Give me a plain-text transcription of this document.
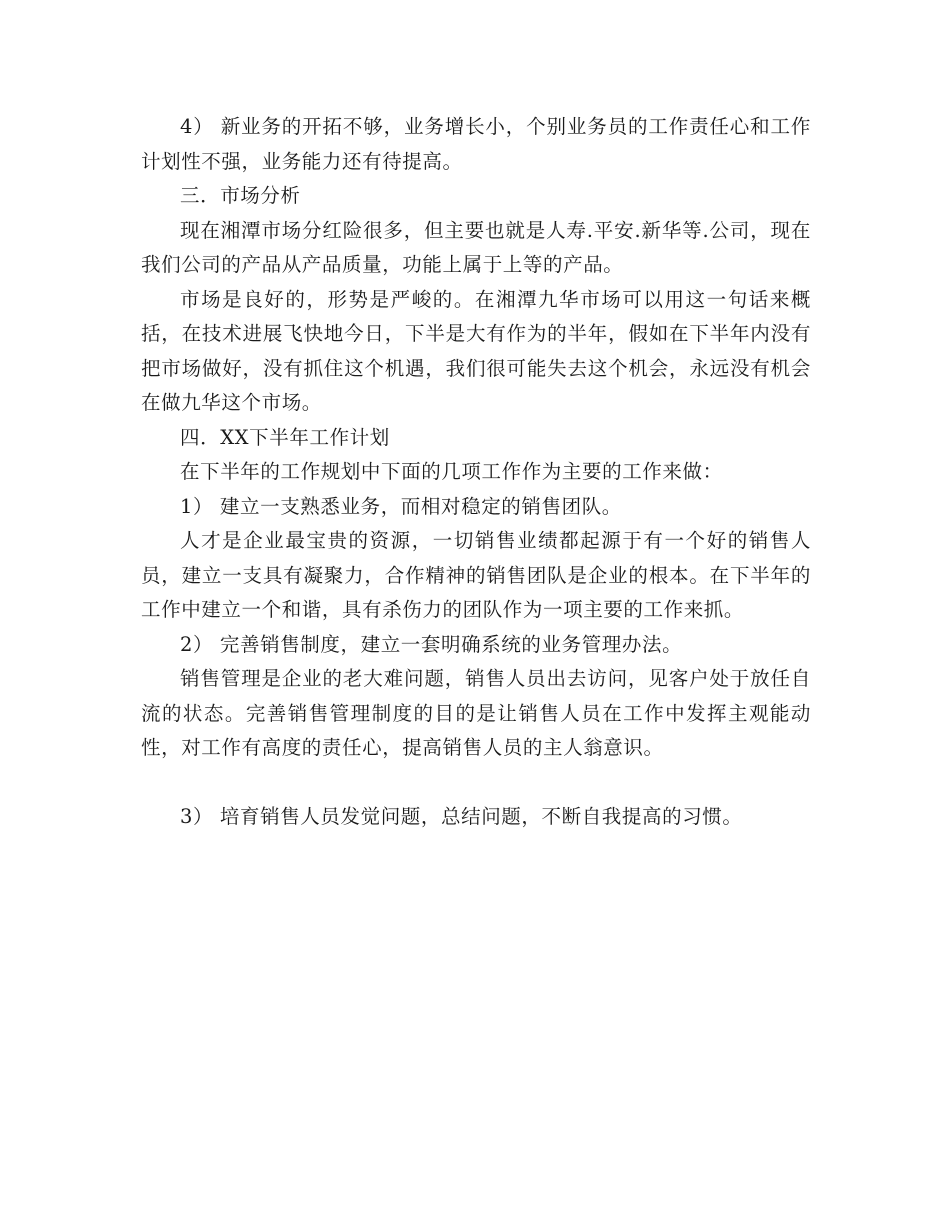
4） 新业务的开拓不够，业务增长小，个别业务员的工作责任心和工作计划性不强，业务能力还有待提高。

三．市场分析

现在湘潭市场分红险很多，但主要也就是人寿.平安.新华等.公司，现在我们公司的产品从产品质量，功能上属于上等的产品。

市场是良好的，形势是严峻的。在湘潭九华市场可以用这一句话来概括，在技术进展飞快地今日，下半是大有作为的半年，假如在下半年内没有把市场做好，没有抓住这个机遇，我们很可能失去这个机会，永远没有机会在做九华这个市场。

四．XX下半年工作计划

在下半年的工作规划中下面的几项工作作为主要的工作来做：

1） 建立一支熟悉业务，而相对稳定的销售团队。

人才是企业最宝贵的资源，一切销售业绩都起源于有一个好的销售人员，建立一支具有凝聚力，合作精神的销售团队是企业的根本。在下半年的工作中建立一个和谐，具有杀伤力的团队作为一项主要的工作来抓。

2） 完善销售制度，建立一套明确系统的业务管理办法。

销售管理是企业的老大难问题，销售人员出去访问，见客户处于放任自流的状态。完善销售管理制度的目的是让销售人员在工作中发挥主观能动性，对工作有高度的责任心，提高销售人员的主人翁意识。

3） 培育销售人员发觉问题，总结问题，不断自我提高的习惯。
